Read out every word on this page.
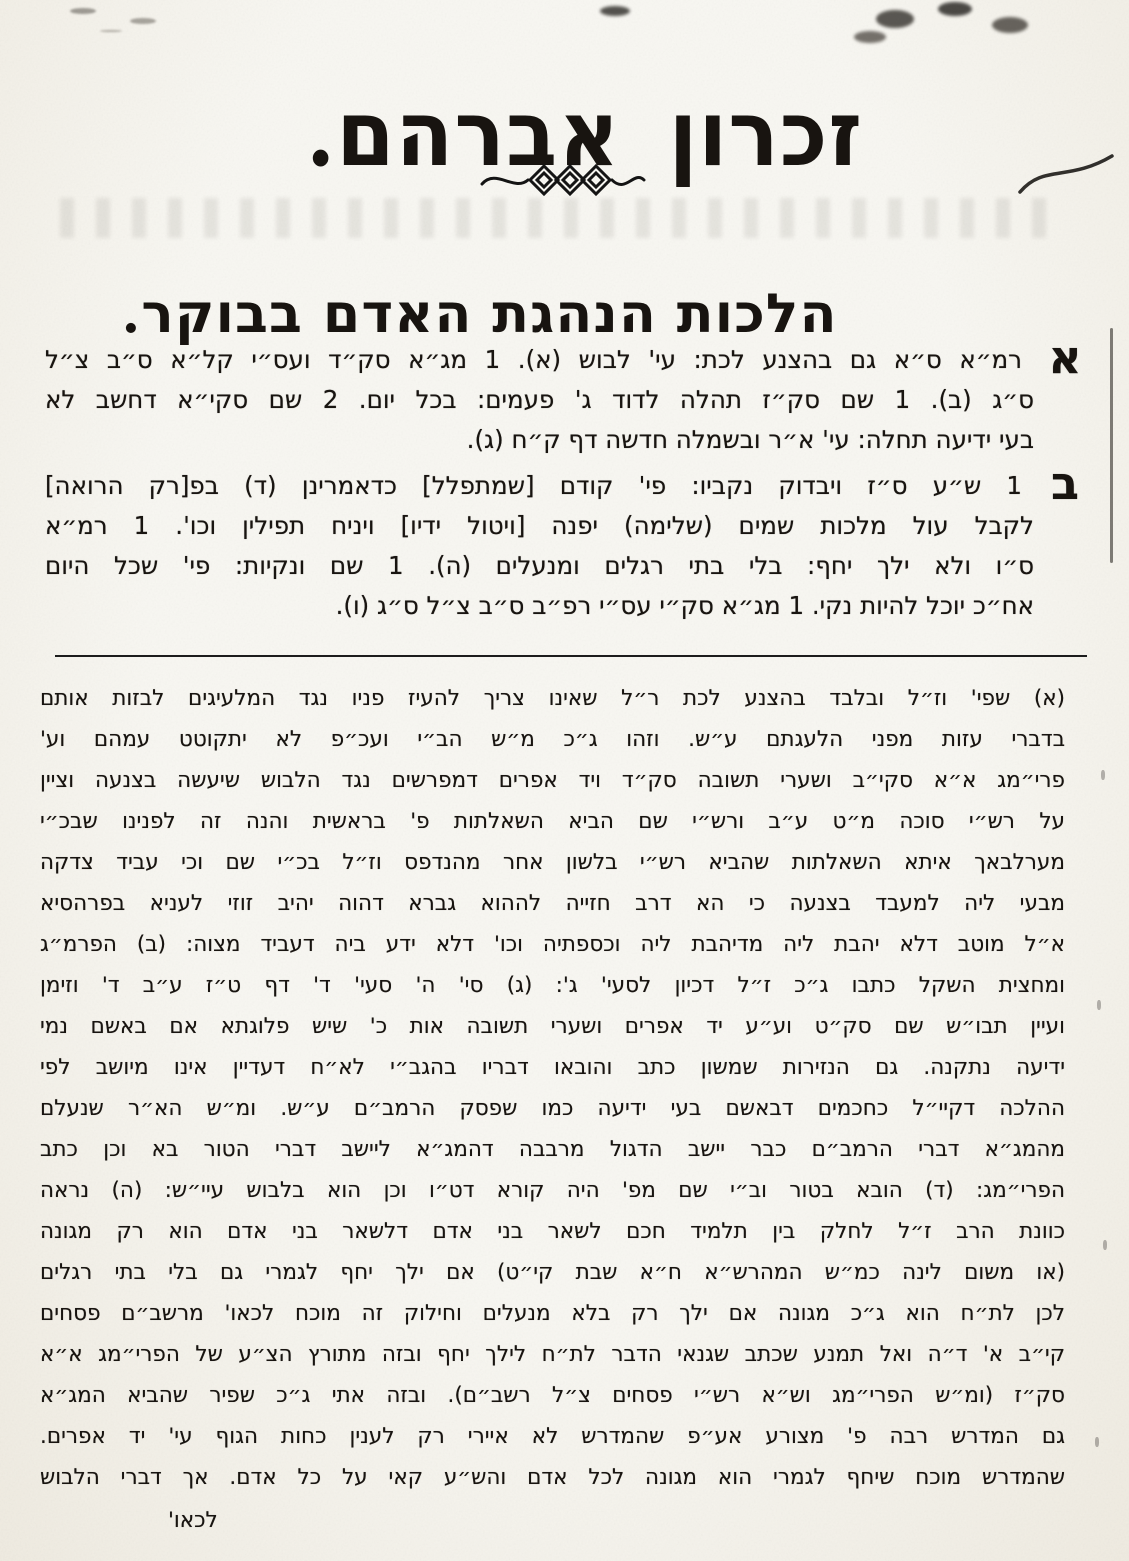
זכרון אברהם.
הלכות הנהגת האדם בבוקר.
א
רמ״א ס״א גם בהצנע לכת: עי' לבוש (א). 1 מג״א סק״ד ועס״י קל״א ס״ב צ״ל
ס״ג (ב). 1 שם סק״ז תהלה לדוד ג' פעמים: בכל יום. 2 שם סקי״א דחשב לא
בעי ידיעה תחלה: עי' א״ר ובשמלה חדשה דף ק״ח (ג).
ב
1 ש״ע ס״ז ויבדוק נקביו: פי' קודם [שמתפלל] כדאמרינן (ד) בפ[רק הרואה]
לקבל עול מלכות שמים (שלימה) יפנה [ויטול ידיו] ויניח תפילין וכו'. 1 רמ״א
ס״ו ולא ילך יחף: בלי בתי רגלים ומנעלים (ה). 1 שם ונקיות: פי' שכל היום
אח״כ יוכל להיות נקי. 1 מג״א סק״י עס״י רפ״ב ס״ב צ״ל ס״ג (ו).
(א) שפי' וז״ל ובלבד בהצנע לכת ר״ל שאינו צריך להעיז פניו נגד המלעיגים לבזות אותם
בדברי עזות מפני הלעגתם ע״ש. וזהו ג״כ מ״ש הב״י ועכ״פ לא יתקוטט עמהם וע'
פרי״מג א״א סקי״ב ושערי תשובה סק״ד ויד אפרים דמפרשים נגד הלבוש שיעשה בצנעה וציין
על רש״י סוכה מ״ט ע״ב ורש״י שם הביא השאלתות פ' בראשית והנה זה לפנינו שבכ״י
מערלבאך איתא השאלתות שהביא רש״י בלשון אחר מהנדפס וז״ל בכ״י שם וכי עביד צדקה
מבעי ליה למעבד בצנעה כי הא דרב חזייה לההוא גברא דהוה יהיב זוזי לעניא בפרהסיא
א״ל מוטב דלא יהבת ליה מדיהבת ליה וכספתיה וכו' דלא ידע ביה דעביד מצוה: (ב) הפרמ״ג
ומחצית השקל כתבו ג״כ ז״ל דכיון לסעי' ג': (ג) סי' ה' סעי' ד' דף ט״ז ע״ב ד' וזימן
ועיין תבו״ש שם סק״ט וע״ע יד אפרים ושערי תשובה אות כ' שיש פלוגתא אם באשם נמי
ידיעה נתקנה. גם הנזירות שמשון כתב והובאו דבריו בהגב״י לא״ח דעדיין אינו מיושב לפי
ההלכה דקיי״ל כחכמים דבאשם בעי ידיעה כמו שפסק הרמב״ם ע״ש. ומ״ש הא״ר שנעלם
מהמג״א דברי הרמב״ם כבר יישב הדגול מרבבה דהמג״א ליישב דברי הטור בא וכן כתב
הפרי״מג: (ד) הובא בטור וב״י שם מפ' היה קורא דט״ו וכן הוא בלבוש עיי״ש: (ה) נראה
כוונת הרב ז״ל לחלק בין תלמיד חכם לשאר בני אדם דלשאר בני אדם הוא רק מגונה
(או משום לינה כמ״ש המהרש״א ח״א שבת קי״ט) אם ילך יחף לגמרי גם בלי בתי רגלים
לכן לת״ח הוא ג״כ מגונה אם ילך רק בלא מנעלים וחילוק זה מוכח לכאו' מרשב״ם פסחים
קי״ב א' ד״ה ואל תמנע שכתב שגנאי הדבר לת״ח לילך יחף ובזה מתורץ הצ״ע של הפרי״מג א״א
סק״ז (ומ״ש הפרי״מג וש״א רש״י פסחים צ״ל רשב״ם). ובזה אתי ג״כ שפיר שהביא המג״א
גם המדרש רבה פ' מצורע אע״פ שהמדרש לא איירי רק לענין כחות הגוף עי' יד אפרים.
שהמדרש מוכח שיחף לגמרי הוא מגונה לכל אדם והש״ע קאי על כל אדם. אך דברי הלבוש
לכאו'
